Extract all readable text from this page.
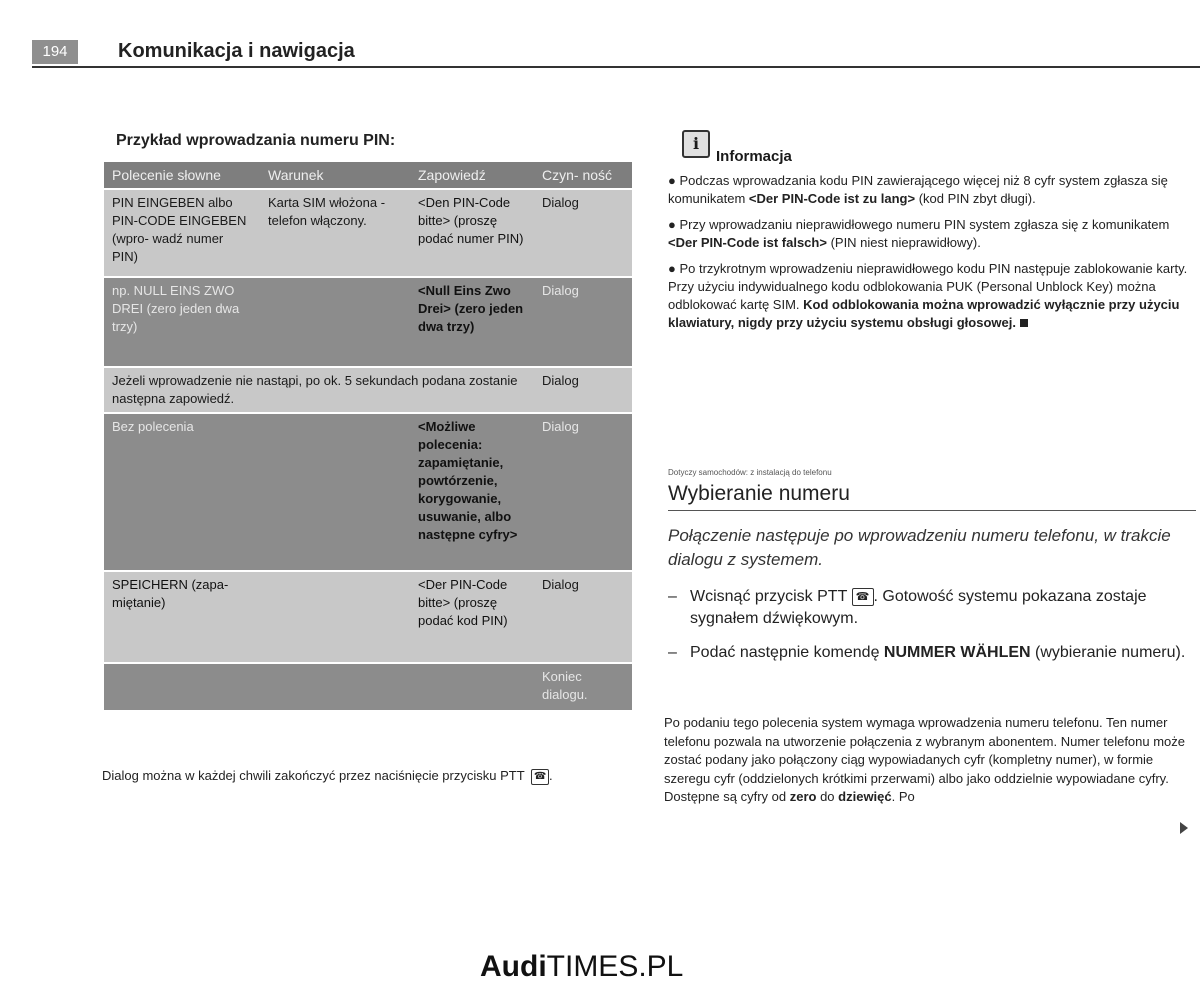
194	Komunikacja i nawigacja
Przykład wprowadzania numeru PIN:
Polecenie słowne	Warunek	Zapowiedź	Czyn- ność
PIN EINGEBEN albo PIN-CODE EINGEBEN (wpro- wadź numer PIN)	Karta SIM włożona - telefon włączony.	<Den PIN-Code bitte> (proszę podać numer PIN)	Dialog
np. NULL EINS ZWO DREI (zero jeden dwa trzy)		<Null Eins Zwo Drei> (zero jeden dwa trzy)	Dialog
Jeżeli wprowadzenie nie nastąpi, po ok. 5 sekundach podana zostanie następna zapowiedź.			Dialog
Bez polecenia		<Możliwe polecenia: zapamiętanie, powtórzenie, korygowanie, usuwanie, albo następne cyfry>	Dialog
SPEICHERN (zapa- miętanie)		<Der PIN-Code bitte> (proszę podać kod PIN)	Dialog
			Koniec dialogu.
Dialog można w każdej chwili zakończyć przez naciśnięcie przycisku PTT ☎ .
i
Informacja

● Podczas wprowadzania kodu PIN zawierającego więcej niż 8 cyfr system zgłasza się komunikatem <Der PIN-Code ist zu lang> (kod PIN zbyt długi).

● Przy wprowadzaniu nieprawidłowego numeru PIN system zgłasza się z komunikatem <Der PIN-Code ist falsch> (PIN niest nieprawidłowy).

● Po trzykrotnym wprowadzeniu nieprawidłowego kodu PIN następuje zablokowanie karty. Przy użyciu indywidualnego kodu odblokowania PUK (Personal Unblock Key) można odblokować kartę SIM. Kod odblokowania można wprowadzić wyłącznie przy użyciu klawiatury, nigdy przy użyciu systemu obsługi głosowej.

Dotyczy samochodów: z instalacją do telefonu
Wybieranie numeru
Połączenie następuje po wprowadzeniu numeru telefonu, w trakcie dialogu z systemem.
– Wcisnąć przycisk PTT ☎ . Gotowość systemu pokazana zostaje sygnałem dźwiękowym.
– Podać następnie komendę NUMMER WÄHLEN (wybieranie numeru).
Po podaniu tego polecenia system wymaga wprowadzenia numeru telefonu. Ten numer telefonu pozwala na utworzenie połączenia z wybranym abonentem. Numer telefonu może zostać podany jako połączony ciąg wypowiadanych cyfr (kompletny numer), w formie szeregu cyfr (oddzielonych krótkimi przerwami) albo jako oddzielnie wypowiadane cyfry. Dostępne są cyfry od zero do dziewięć. Po
AudiTIMES.PL
